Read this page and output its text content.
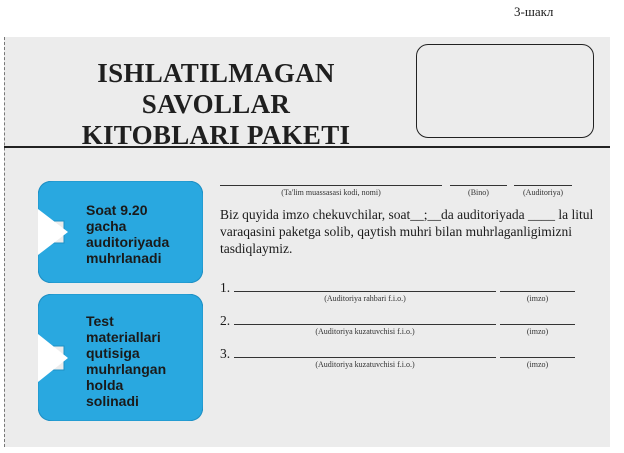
3-шакл
ISHLATILMAGAN SAVOLLAR
KITOBLARI PAKETI
Soat 9.20
gacha
auditoriyada
muhrlanadi
Test
materiallari
qutisiga
muhrlangan
holda
solinadi
(Ta'lim muassasasi kodi, nomi)	(Bino)	(Auditoriya)
Biz quyida imzo chekuvchilar, soat__;__da auditoriyada ____ la litul varaqasini paketga solib, qaytish muhri bilan muhrlaganligimizni tasdiqlaymiz.
1.
(Auditoriya rahbari f.i.o.)	(imzo)
2.
(Auditoriya kuzatuvchisi f.i.o.)	(imzo)
3.
(Auditoriya kuzatuvchisi f.i.o.)	(imzo)
